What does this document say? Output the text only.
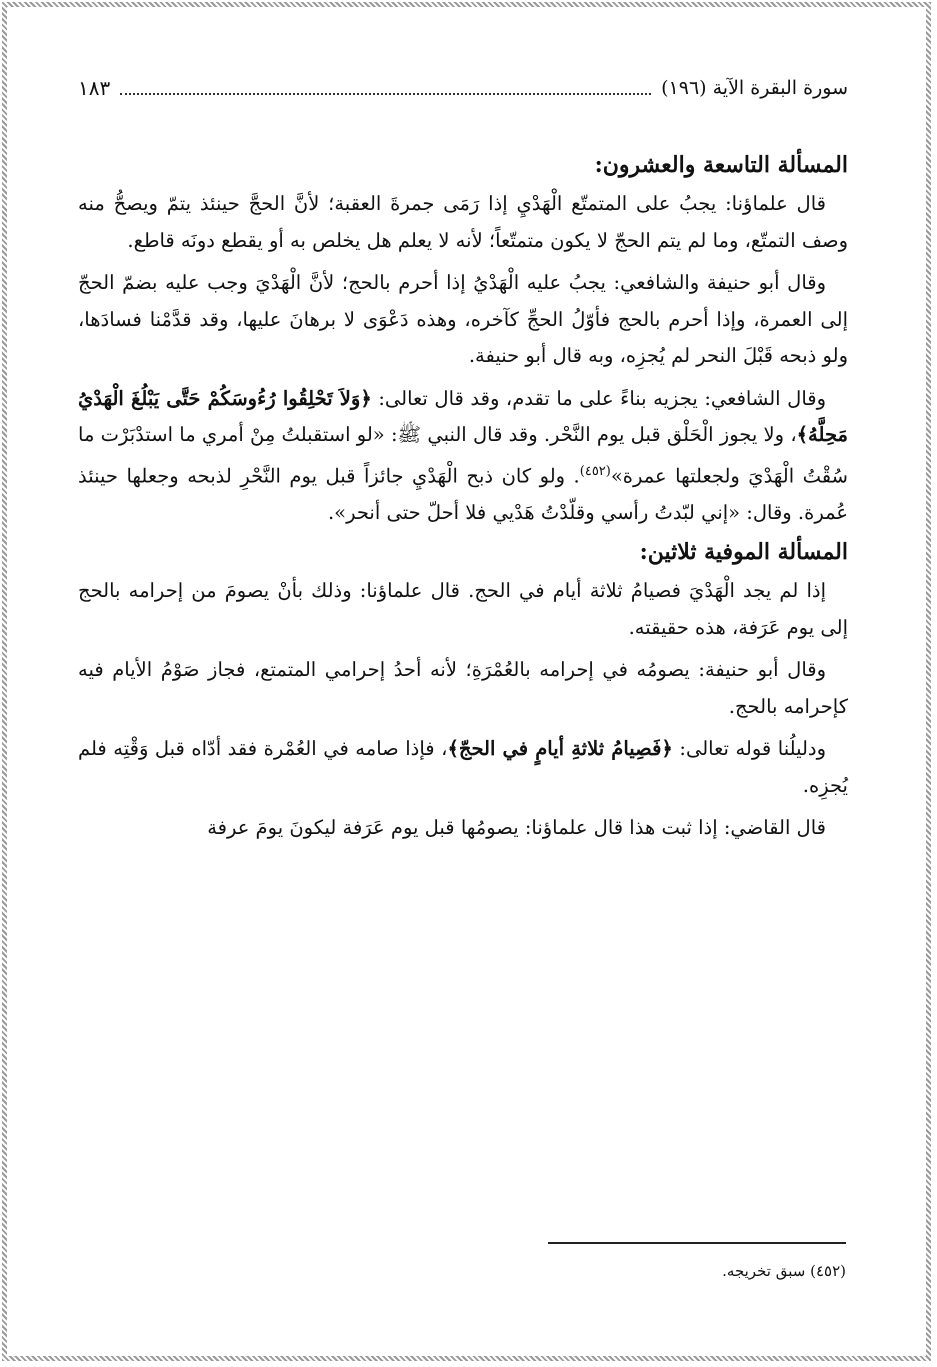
سورة البقرة الآية (١٩٦)
١٨٣
المسألة التاسعة والعشرون:

قال علماؤنا: يجبُ على المتمتّع الْهَدْيِ إذا رَمَى جمرةَ العقبة؛ لأنَّ الحجَّ حينئذ يتمّ ويصحُّ منه وصف التمتّع، وما لم يتم الحجّ لا يكون متمتّعاً؛ لأنه لا يعلم هل يخلص به أو يقطع دونَه قاطع.

وقال أبو حنيفة والشافعي: يجبُ عليه الْهَدْيُ إذا أحرم بالحج؛ لأنَّ الْهَدْيَ وجب عليه بضمّ الحجّ إلى العمرة، وإذا أحرم بالحج فأوّلُ الحجِّ كآخره، وهذه دَعْوَى لا برهانَ عليها، وقد قدَّمْنا فسادَها، ولو ذبحه قَبْلَ النحر لم يُجزِه، وبه قال أبو حنيفة.

وقال الشافعي: يجزيه بناءً على ما تقدم، وقد قال تعالى: ﴿وَلاَ تَحْلِقُوا رُءُوسَكُمْ حَتَّى يَبْلُغَ الْهَدْيُ مَحِلَّهُ﴾، ولا يجوز الْحَلْق قبل يوم النَّحْر. وقد قال النبي ﷺ: «لو استقبلتُ مِنْ أمري ما استدْبَرْت ما سُقْتُ الْهَدْيَ ولجعلتها عمرة»$^{(٤٥٢)}$. ولو كان ذبح الْهَدْيِ جائزاً قبل يوم النَّحْرِ لذبحه وجعلها حينئذ عُمرة. وقال: «إني لبّدتُ رأسي وقلّدْتُ هَدْيي فلا أحلّ حتى أنحر».

المسألة الموفية ثلاثين:

إذا لم يجد الْهَدْيَ فصيامُ ثلاثة أيام في الحج. قال علماؤنا: وذلك بأنْ يصومَ من إحرامه بالحج إلى يوم عَرَفة، هذه حقيقته.

وقال أبو حنيفة: يصومُه في إحرامه بالعُمْرَةِ؛ لأنه أحدُ إحرامي المتمتع، فجاز صَوْمُ الأيام فيه كإحرامه بالحج.

ودليلُنا قوله تعالى: ﴿فَصِيامُ ثلاثةِ أيامٍ في الحجّ﴾، فإذا صامه في العُمْرة فقد أدّاه قبل وَقْتِه فلم يُجزِه.

قال القاضي: إذا ثبت هذا قال علماؤنا: يصومُها قبل يوم عَرَفة ليكونَ يومَ عرفة

(٤٥٢) سبق تخريجه.
